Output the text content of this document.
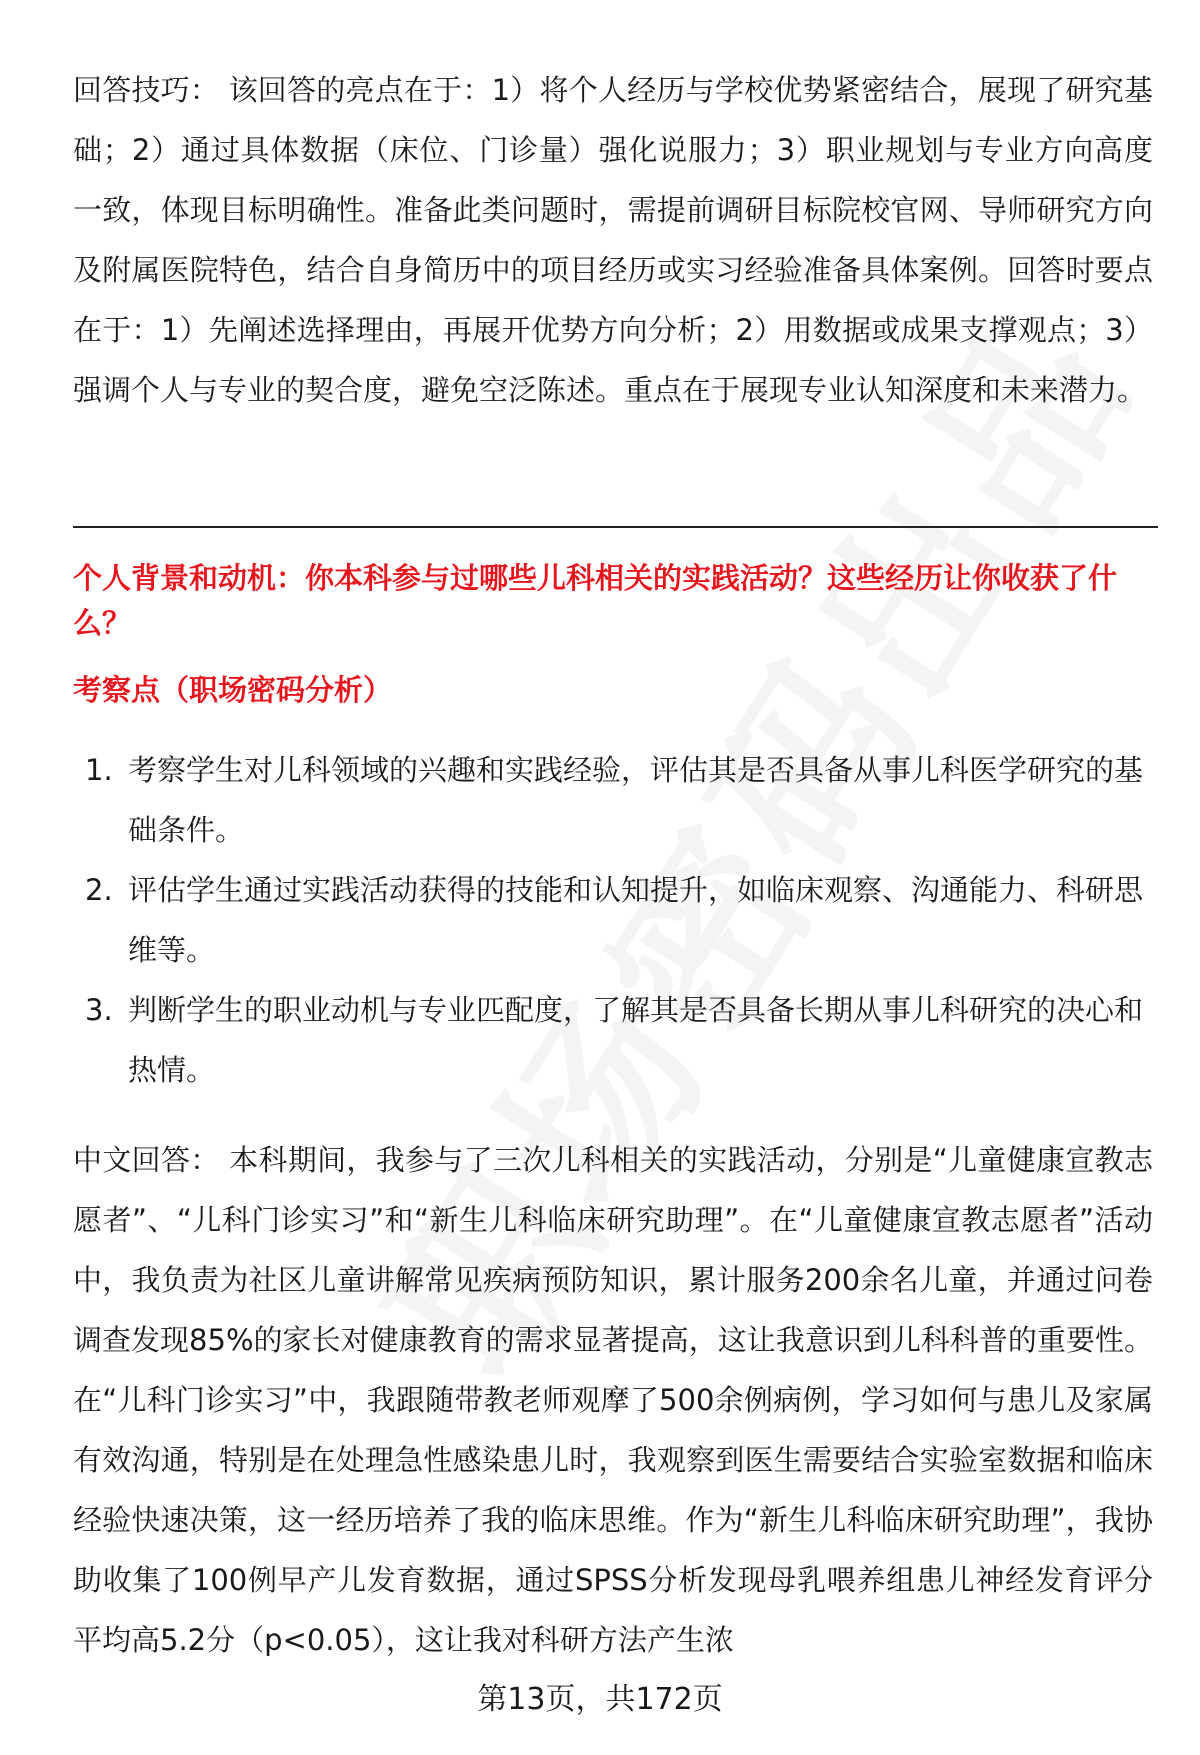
回答技巧： 该回答的亮点在于：1）将个人经历与学校优势紧密结合，展现了研究基础；2）通过具体数据（床位、门诊量）强化说服力；3）职业规划与专业方向高度一致，体现目标明确性。准备此类问题时，需提前调研目标院校官网、导师研究方向及附属医院特色，结合自身简历中的项目经历或实习经验准备具体案例。回答时要点在于：1）先阐述选择理由，再展开优势方向分析；2）用数据或成果支撑观点；3）强调个人与专业的契合度，避免空泛陈述。重点在于展现专业认知深度和未来潜力。

个人背景和动机：你本科参与过哪些儿科相关的实践活动？这些经历让你收获了什么？
考察点（职场密码分析）
1. 考察学生对儿科领域的兴趣和实践经验，评估其是否具备从事儿科医学研究的基础条件。
2. 评估学生通过实践活动获得的技能和认知提升，如临床观察、沟通能力、科研思维等。
3. 判断学生的职业动机与专业匹配度，了解其是否具备长期从事儿科研究的决心和热情。

中文回答： 本科期间，我参与了三次儿科相关的实践活动，分别是“儿童健康宣教志愿者”、“儿科门诊实习”和“新生儿科临床研究助理”。在“儿童健康宣教志愿者”活动中，我负责为社区儿童讲解常见疾病预防知识，累计服务200余名儿童，并通过问卷调查发现85%的家长对健康教育的需求显著提高，这让我意识到儿科科普的重要性。在“儿科门诊实习”中，我跟随带教老师观摩了500余例病例，学习如何与患儿及家属有效沟通，特别是在处理急性感染患儿时，我观察到医生需要结合实验室数据和临床经验快速决策，这一经历培养了我的临床思维。作为“新生儿科临床研究助理”，我协助收集了100例早产儿发育数据，通过SPSS分析发现母乳喂养组患儿神经发育评分平均高5.2分（p<0.05），这让我对科研方法产生浓

第13页，共172页
